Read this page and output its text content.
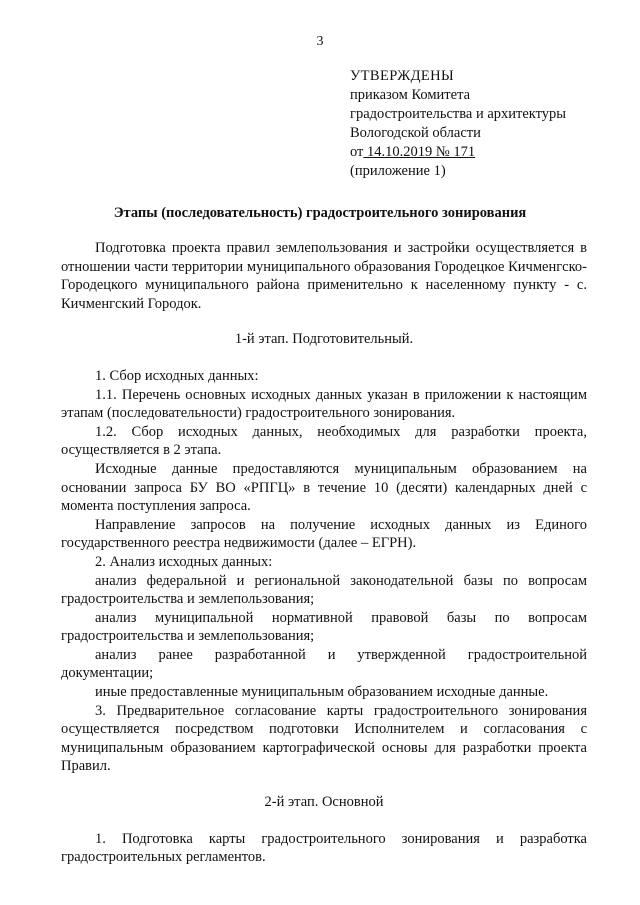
3
УТВЕРЖДЕНЫ
приказом Комитета
градостроительства и архитектуры
Вологодской области
от 14.10.2019 № 171
(приложение 1)
Этапы (последовательность) градостроительного зонирования

Подготовка проекта правил землепользования и застройки осуществляется в отношении части территории муниципального образования Городецкое Кичменгско-Городецкого муниципального района применительно к населенному пункту - с. Кичменгский Городок.

1-й этап. Подготовительный.

1. Сбор исходных данных:

1.1. Перечень основных исходных данных указан в приложении к настоящим этапам (последовательности) градостроительного зонирования.

1.2. Сбор исходных данных, необходимых для разработки проекта, осуществляется в 2 этапа.

Исходные данные предоставляются муниципальным образованием на основании запроса БУ ВО «РПГЦ» в течение 10 (десяти) календарных дней с момента поступления запроса.

Направление запросов на получение исходных данных из Единого государственного реестра недвижимости (далее – ЕГРН).

2. Анализ исходных данных:

анализ федеральной и региональной законодательной базы по вопросам градостроительства и землепользования;

анализ муниципальной нормативной правовой базы по вопросам градостроительства и землепользования;

анализ ранее разработанной и утвержденной градостроительной документации;

иные предоставленные муниципальным образованием исходные данные.

3. Предварительное согласование карты градостроительного зонирования осуществляется посредством подготовки Исполнителем и согласования с муниципальным образованием картографической основы для разработки проекта Правил.

2-й этап. Основной

1. Подготовка карты градостроительного зонирования и разработка градостроительных регламентов.
